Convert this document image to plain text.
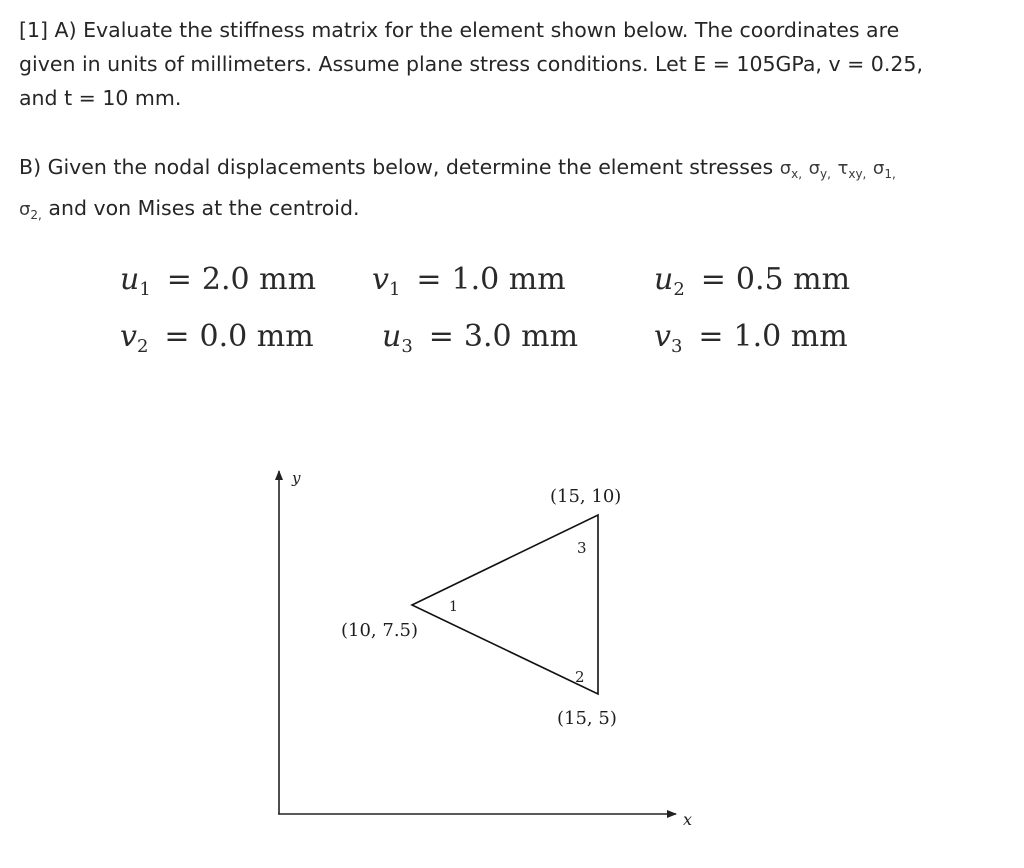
[1] A) Evaluate the stiffness matrix for the element shown below. The coordinates are
given in units of millimeters. Assume plane stress conditions. Let E = 105GPa, v = 0.25,
and t = 10 mm.
B) Given the nodal displacements below, determine the element stresses $\sigma_{x,}$ $\sigma_{y,}$ $\tau_{xy,}$ $\sigma_{1,}$
$\sigma_{2,}$ and von Mises at the centroid.
$u_1 = 2.0$ mm $v_1 = 1.0$ mm	$u_2 = 0.5$ mm
$v_2 = 0.0$ mm $u_3 = 3.0$ mm	$v_3 = 1.0$ mm
y
x
1
2
3
(10, 7.5)
(15, 5)
(15, 10)
